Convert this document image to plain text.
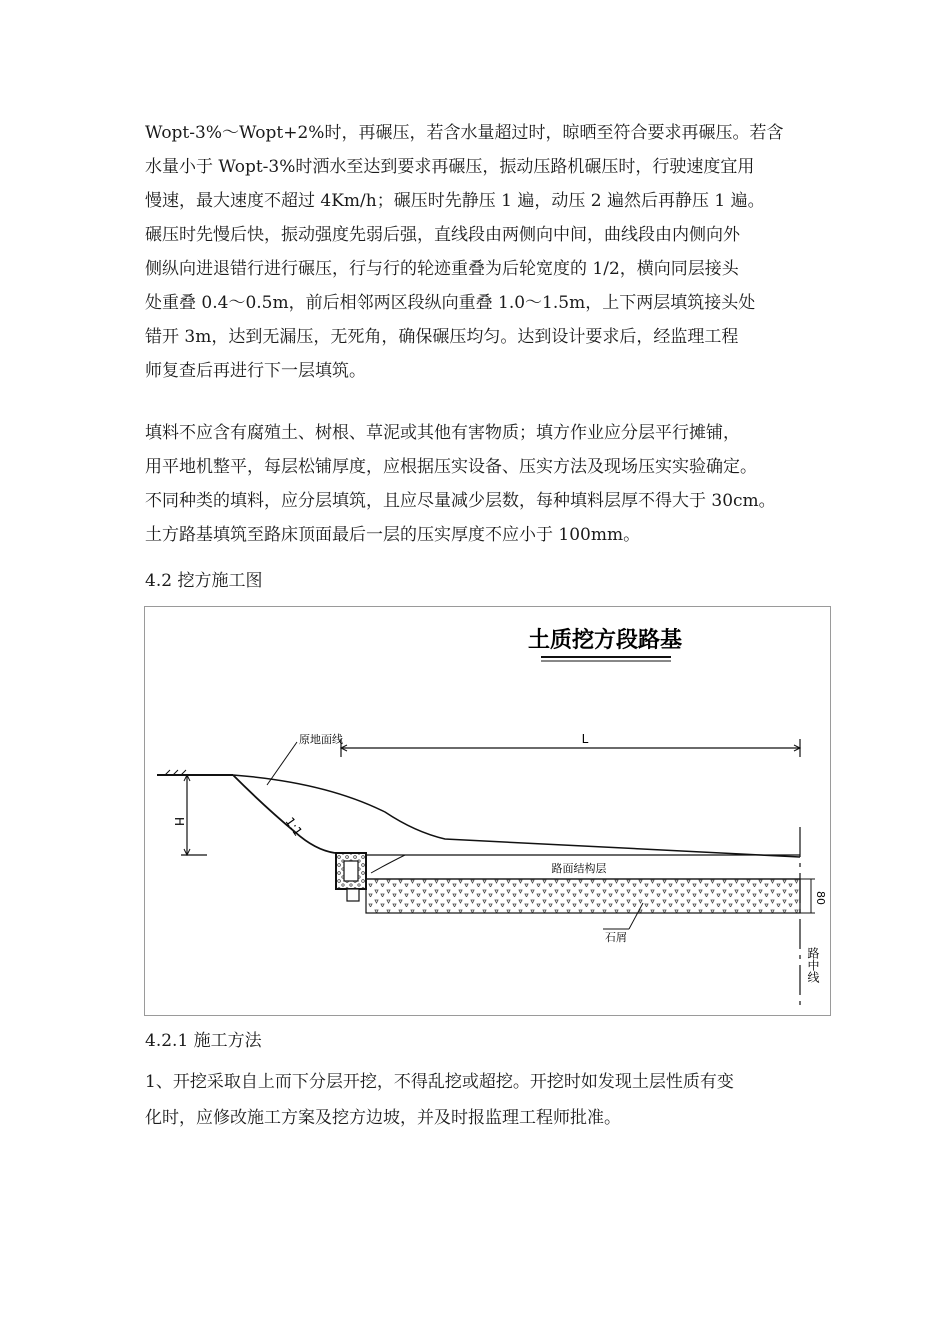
Wopt-3%～Wopt+2%时，再碾压，若含水量超过时，晾晒至符合要求再碾压。若含
水量小于 Wopt-3%时洒水至达到要求再碾压，振动压路机碾压时，行驶速度宜用
慢速，最大速度不超过 4Km/h；碾压时先静压 1 遍，动压 2 遍然后再静压 1 遍。
碾压时先慢后快，振动强度先弱后强，直线段由两侧向中间，曲线段由内侧向外
侧纵向进退错行进行碾压，行与行的轮迹重叠为后轮宽度的 1/2，横向同层接头
处重叠 0.4～0.5m，前后相邻两区段纵向重叠 1.0～1.5m，上下两层填筑接头处
错开 3m，达到无漏压，无死角，确保碾压均匀。达到设计要求后，经监理工程
师复查后再进行下一层填筑。
填料不应含有腐殖土、树根、草泥或其他有害物质；填方作业应分层平行摊铺，
用平地机整平，每层松铺厚度，应根据压实设备、压实方法及现场压实实验确定。
不同种类的填料，应分层填筑，且应尽量减少层数，每种填料层厚不得大于 30cm。
土方路基填筑至路床顶面最后一层的压实厚度不应小于 100mm。
4.2 挖方施工图
土质挖方段路基
原地面线
H	1:1
L
路面结构层
80
石屑
路中线
4.2.1 施工方法
1、开挖采取自上而下分层开挖，不得乱挖或超挖。开挖时如发现土层性质有变
化时，应修改施工方案及挖方边坡，并及时报监理工程师批准。
